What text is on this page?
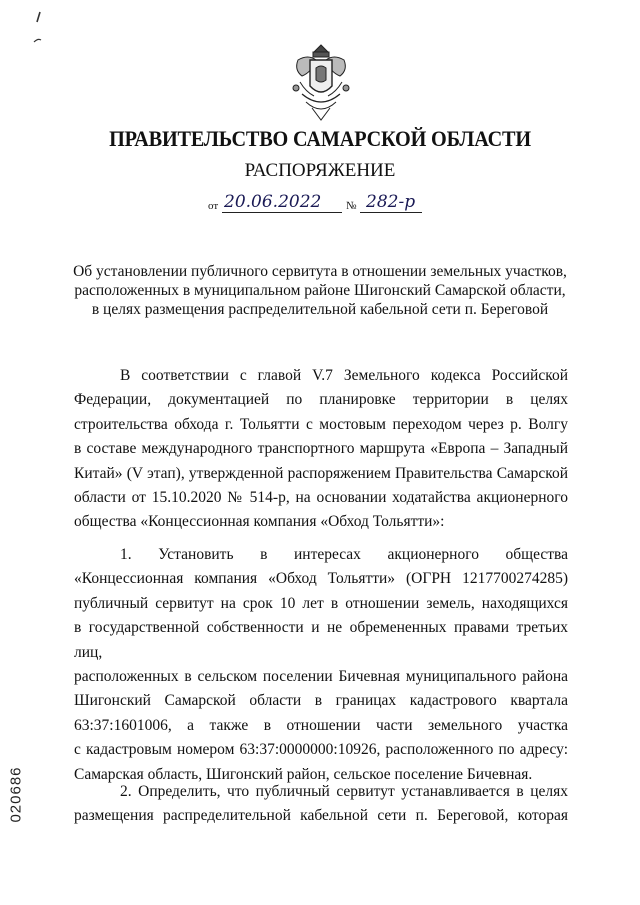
ПРАВИТЕЛЬСТВО САМАРСКОЙ ОБЛАСТИ
РАСПОРЯЖЕНИЕ
от 20.06.2022 № 282-р
Об установлении публичного сервитута в отношении земельных участков,
расположенных в муниципальном районе Шигонский Самарской области,
в целях размещения распределительной кабельной сети п. Береговой
В соответствии с главой V.7 Земельного кодекса Российской
Федерации, документацией по планировке территории в целях
строительства обхода г. Тольятти с мостовым переходом через р. Волгу
в составе международного транспортного маршрута «Европа – Западный
Китай» (V этап), утвержденной распоряжением Правительства Самарской
области от 15.10.2020 № 514-р, на основании ходатайства акционерного
общества «Концессионная компания «Обход Тольятти»:
1. Установить в интересах акционерного общества
«Концессионная компания «Обход Тольятти» (ОГРН 1217700274285)
публичный сервитут на срок 10 лет в отношении земель, находящихся
в государственной собственности и не обремененных правами третьих лиц,
расположенных в сельском поселении Бичевная муниципального района
Шигонский Самарской области в границах кадастрового квартала
63:37:1601006, а также в отношении части земельного участка
с кадастровым номером 63:37:0000000:10926, расположенного по адресу:
Самарская область, Шигонский район, сельское поселение Бичевная.
2. Определить, что публичный сервитут устанавливается в целях
размещения распределительной кабельной сети п. Береговой, которая
020686
